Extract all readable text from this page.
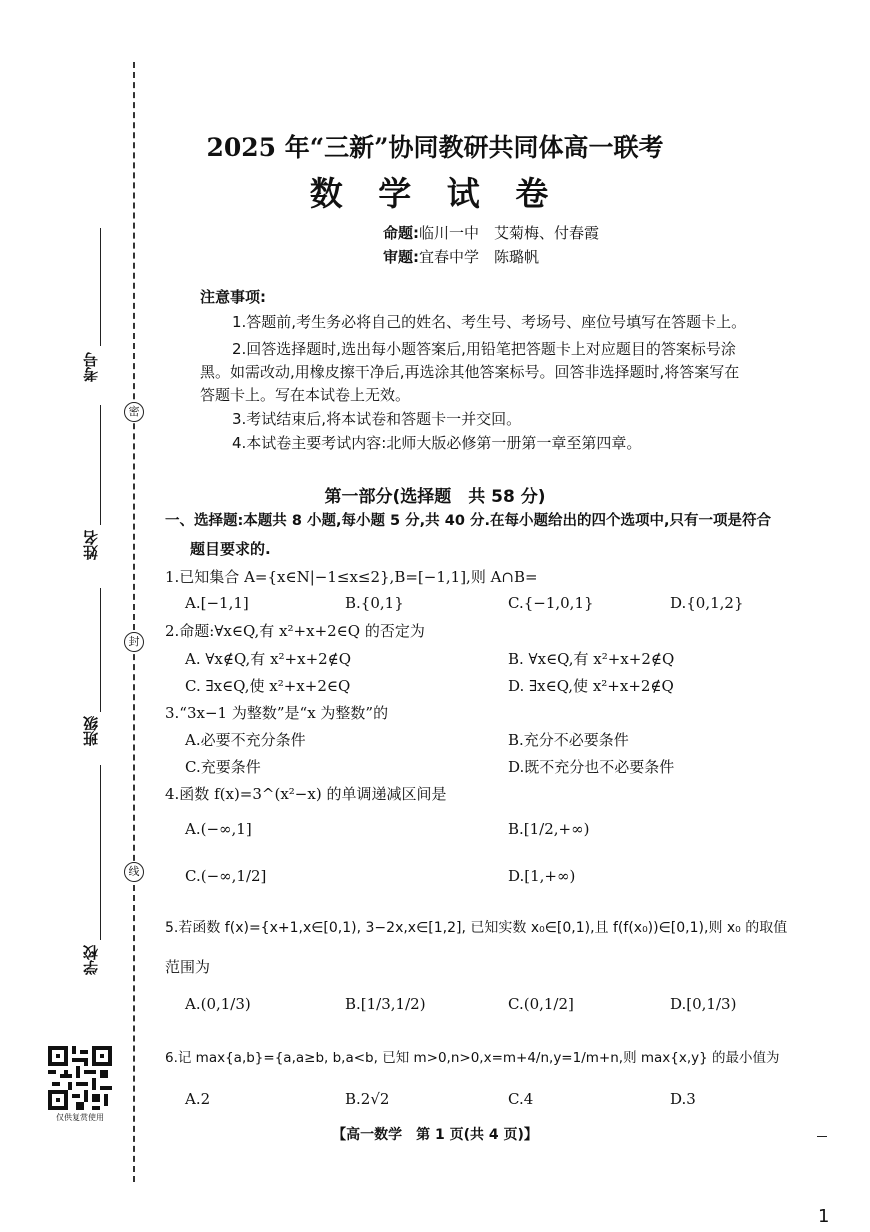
密
封
线
考号
姓名
班级
学校
仅供复赏使用
2025 年“三新”协同教研共同体高一联考
数 学 试 卷
命题:临川一中　艾菊梅、付春霞
审题:宜春中学　陈璐帆
注意事项:
1.答题前,考生务必将自己的姓名、考生号、考场号、座位号填写在答题卡上。
2.回答选择题时,选出每小题答案后,用铅笔把答题卡上对应题目的答案标号涂
黑。如需改动,用橡皮擦干净后,再选涂其他答案标号。回答非选择题时,将答案写在
答题卡上。写在本试卷上无效。
3.考试结束后,将本试卷和答题卡一并交回。
4.本试卷主要考试内容:北师大版必修第一册第一章至第四章。
第一部分(选择题　共 58 分)
一、选择题:本题共 8 小题,每小题 5 分,共 40 分.在每小题给出的四个选项中,只有一项是符合
题目要求的.
1.已知集合 A={x∈N|−1≤x≤2},B=[−1,1],则 A∩B=
A.[−1,1]	B.{0,1}	C.{−1,0,1}	D.{0,1,2}
2.命题:∀x∈Q,有 x²+x+2∈Q 的否定为
A. ∀x∉Q,有 x²+x+2∉Q	B. ∀x∈Q,有 x²+x+2∉Q
C. ∃x∈Q,使 x²+x+2∈Q	D. ∃x∈Q,使 x²+x+2∉Q
3.“3x−1 为整数”是“x 为整数”的
A.必要不充分条件	B.充分不必要条件
C.充要条件	D.既不充分也不必要条件
4.函数 f(x)=3^(x²−x) 的单调递减区间是
A.(−∞,1]	B.[1/2,+∞)
C.(−∞,1/2]	D.[1,+∞)
5.若函数 f(x)={x+1,x∈[0,1), 3−2x,x∈[1,2], 已知实数 x₀∈[0,1),且 f(f(x₀))∈[0,1),则 x₀ 的取值
范围为
A.(0,1/3)	B.[1/3,1/2)	C.(0,1/2]	D.[0,1/3)
6.记 max{a,b}={a,a≥b, b,a<b, 已知 m>0,n>0,x=m+4/n,y=1/m+n,则 max{x,y} 的最小值为
A.2	B.2√2	C.4	D.3
【高一数学　第 1 页(共 4 页)】
1
